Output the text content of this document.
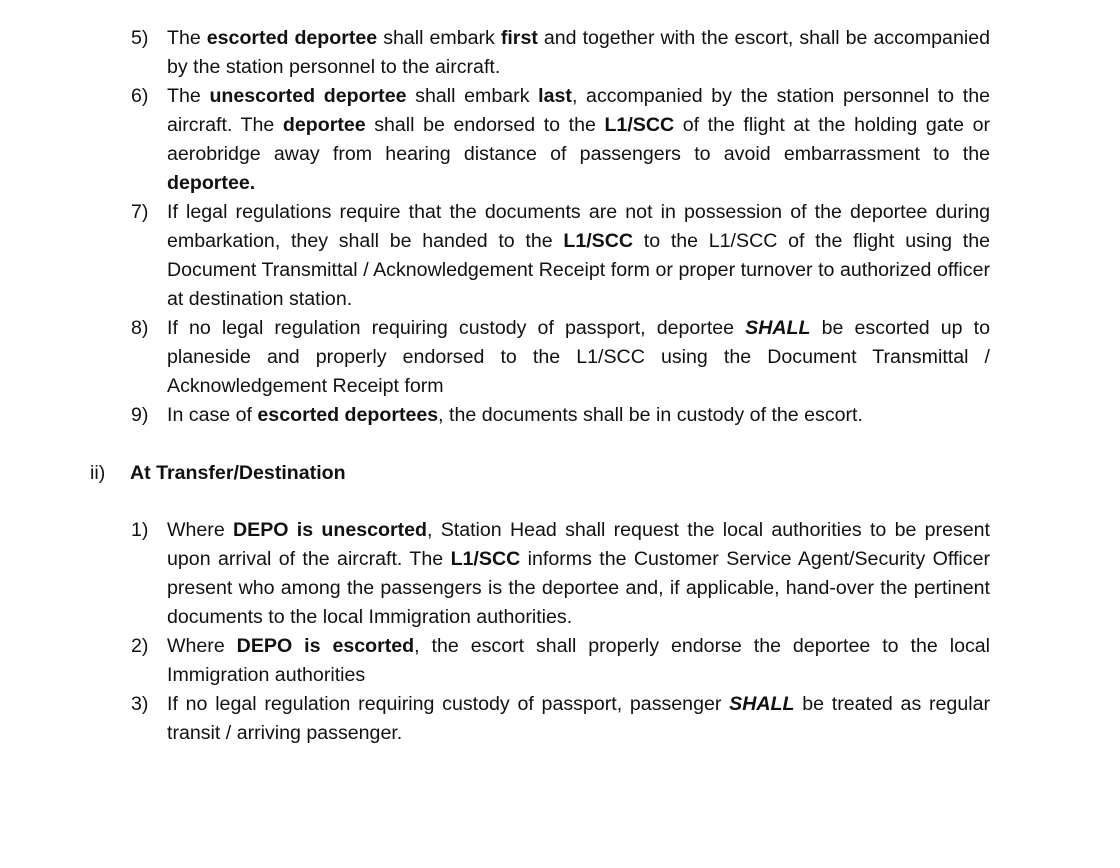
5) The escorted deportee shall embark first and together with the escort, shall be accompanied by the station personnel to the aircraft.
6) The unescorted deportee shall embark last, accompanied by the station personnel to the aircraft. The deportee shall be endorsed to the L1/SCC of the flight at the holding gate or aerobridge away from hearing distance of passengers to avoid embarrassment to the deportee.
7) If legal regulations require that the documents are not in possession of the deportee during embarkation, they shall be handed to the L1/SCC to the L1/SCC of the flight using the Document Transmittal / Acknowledgement Receipt form or proper turnover to authorized officer at destination station.
8) If no legal regulation requiring custody of passport, deportee SHALL be escorted up to planeside and properly endorsed to the L1/SCC using the Document Transmittal / Acknowledgement Receipt form
9) In case of escorted deportees, the documents shall be in custody of the escort.
ii) At Transfer/Destination
1) Where DEPO is unescorted, Station Head shall request the local authorities to be present upon arrival of the aircraft. The L1/SCC informs the Customer Service Agent/Security Officer present who among the passengers is the deportee and, if applicable, hand-over the pertinent documents to the local Immigration authorities.
2) Where DEPO is escorted, the escort shall properly endorse the deportee to the local Immigration authorities
3) If no legal regulation requiring custody of passport, passenger SHALL be treated as regular transit / arriving passenger.
